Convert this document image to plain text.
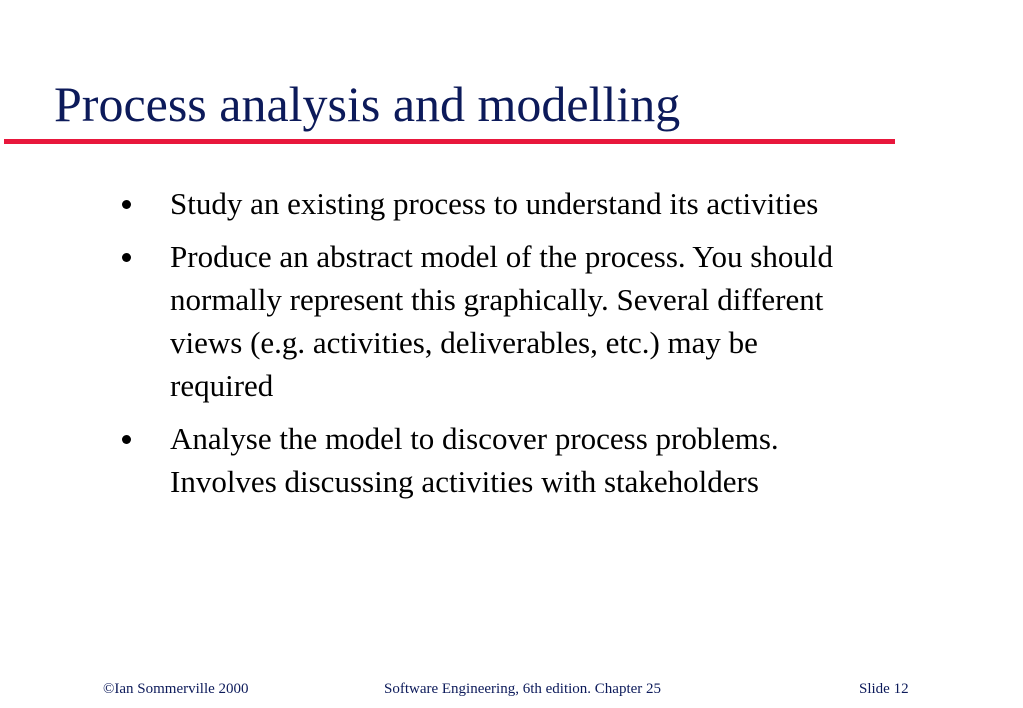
Process analysis and modelling
Study an existing process to understand its activities
Produce an abstract model of the process. You should normally represent this graphically. Several different views (e.g. activities, deliverables, etc.) may be required
Analyse the model to discover process problems. Involves discussing activities with stakeholders
©Ian Sommerville 2000	Software Engineering, 6th edition. Chapter 25	Slide 12
